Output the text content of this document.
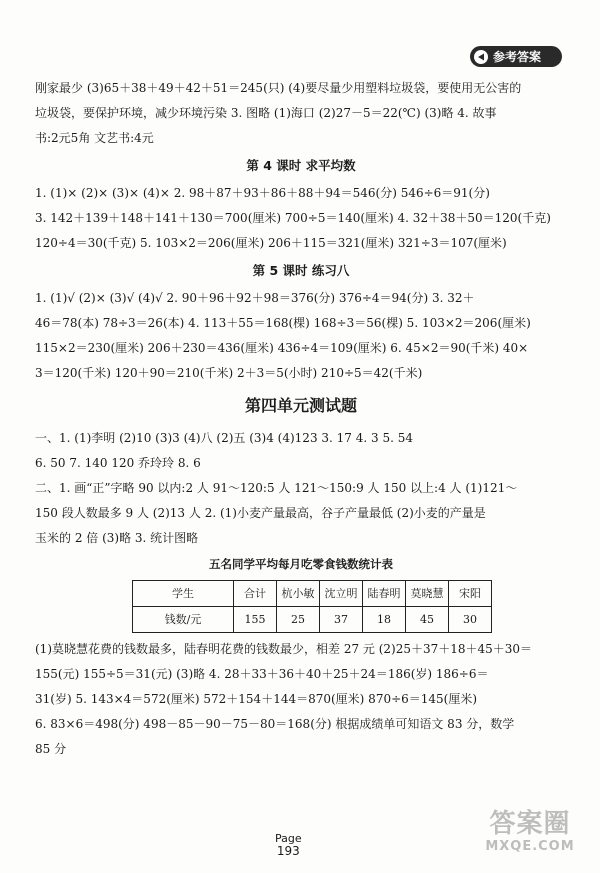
参考答案

刚家最少 (3)65＋38＋49＋42＋51＝245(只) (4)要尽量少用塑料垃圾袋，要使用无公害的

垃圾袋，要保护环境，减少环境污染 3. 图略 (1)海口 (2)27－5＝22(℃) (3)略 4. 故事

书:2元5角 文艺书:4元

第 4 课时 求平均数

1. (1)× (2)× (3)× (4)× 2. 98＋87＋93＋86＋88＋94＝546(分) 546÷6＝91(分)

3. 142＋139＋148＋141＋130＝700(厘米) 700÷5＝140(厘米) 4. 32＋38＋50＝120(千克)

120÷4＝30(千克) 5. 103×2＝206(厘米) 206＋115＝321(厘米) 321÷3＝107(厘米)

第 5 课时 练习八

1. (1)√ (2)× (3)√ (4)√ 2. 90＋96＋92＋98＝376(分) 376÷4＝94(分) 3. 32＋

46＝78(本) 78÷3＝26(本) 4. 113＋55＝168(棵) 168÷3＝56(棵) 5. 103×2＝206(厘米)

115×2＝230(厘米) 206＋230＝436(厘米) 436÷4＝109(厘米) 6. 45×2＝90(千米) 40×

3＝120(千米) 120＋90＝210(千米) 2＋3＝5(小时) 210÷5＝42(千米)

第四单元测试题

一、1. (1)李明 (2)10 (3)3 (4)八 (2)五 (3)4 (4)123 3. 17 4. 3 5. 54

6. 50 7. 140 120 乔玲玲 8. 6

二、1. 画“正”字略 90 以内:2 人 91～120:5 人 121～150:9 人 150 以上:4 人 (1)121～

150 段人数最多 9 人 (2)13 人 2. (1)小麦产量最高，谷子产量最低 (2)小麦的产量是

玉米的 2 倍 (3)略 3. 统计图略

五名同学平均每月吃零食钱数统计表

学生	合计	杭小敏	沈立明	陆春明	莫晓慧	宋阳
钱数/元	155	25	37	18	45	30

(1)莫晓慧花费的钱数最多，陆春明花费的钱数最少，相差 27 元 (2)25＋37＋18＋45＋30＝

155(元) 155÷5＝31(元) (3)略 4. 28＋33＋36＋40＋25＋24＝186(岁) 186÷6＝

31(岁) 5. 143×4＝572(厘米) 572＋154＋144＝870(厘米) 870÷6＝145(厘米)

6. 83×6＝498(分) 498－85－90－75－80＝168(分) 根据成绩单可知语文 83 分，数学

85 分

Page
193
答案圈
MXQE.COM
